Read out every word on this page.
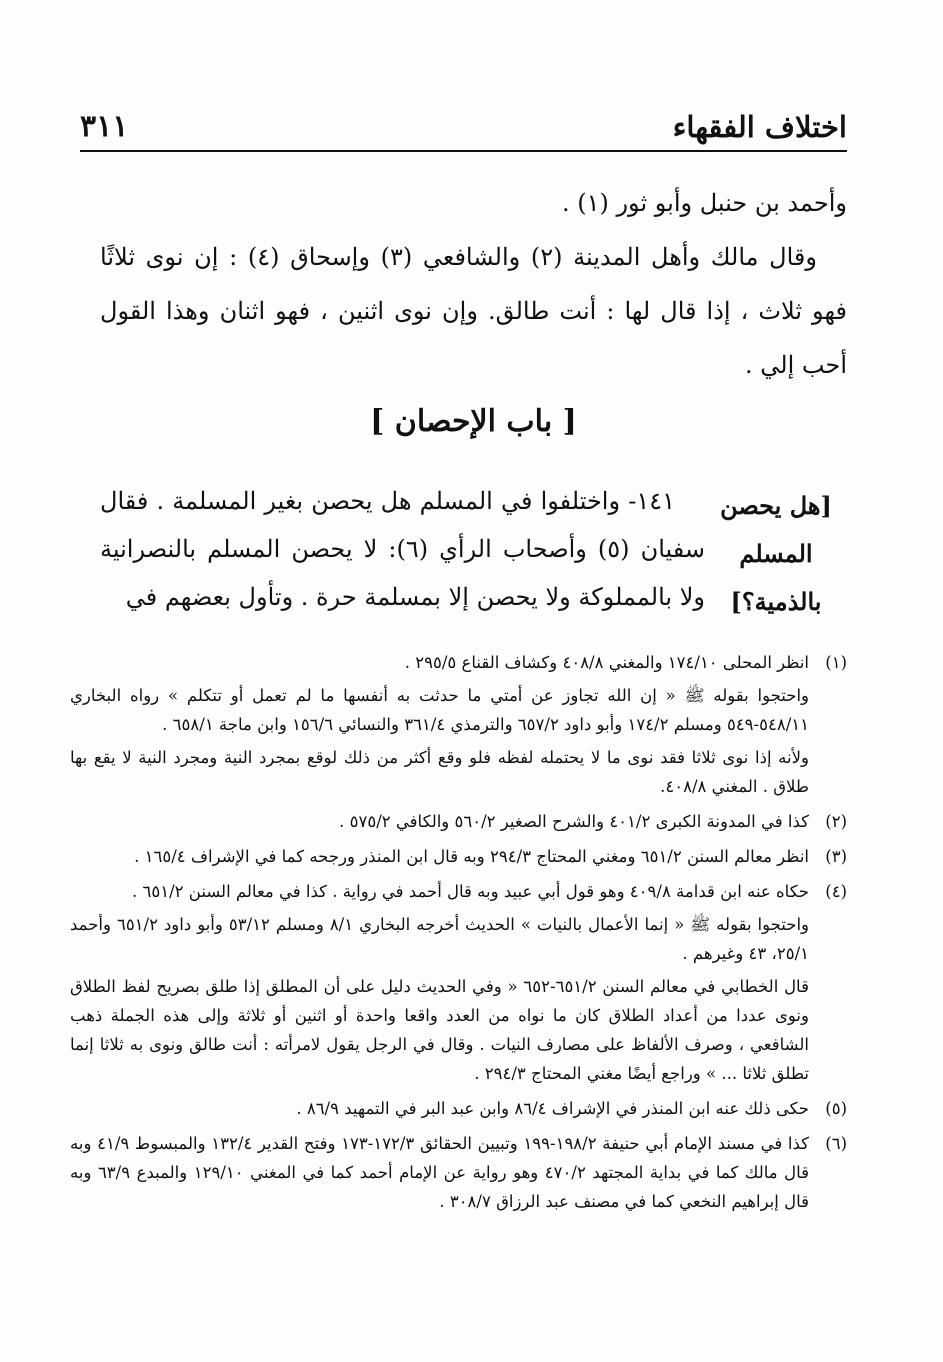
اختلاف الفقهاء
٣١١

وأحمد بن حنبل وأبو ثور (١) .

وقال مالك وأهل المدينة (٢) والشافعي (٣) وإسحاق (٤) : إن نوى ثلاثًا فهو ثلاث ، إذا قال لها : أنت طالق. وإن نوى اثنين ، فهو اثنان وهذا القول أحب إلي .

[ باب الإحصان ]

١٤١- واختلفوا في المسلم هل يحصن بغير المسلمة . فقال سفيان (٥) وأصحاب الرأي (٦): لا يحصن المسلم بالنصرانية ولا بالمملوكة ولا يحصن إلا بمسلمة حرة . وتأول بعضهم في

[هل يحصن المسلم بالذمية؟]
(١)

انظر المحلى ١٧٤/١٠ والمغني ٤٠٨/٨ وكشاف القناع ٢٩٥/٥ .

واحتجوا بقوله ﷺ « إن الله تجاوز عن أمتي ما حدثت به أنفسها ما لم تعمل أو تتكلم » رواه البخاري ٥٤٨/١١-٥٤٩ ومسلم ١٧٤/٢ وأبو داود ٦٥٧/٢ والترمذي ٣٦١/٤ والنسائي ١٥٦/٦ وابن ماجة ٦٥٨/١ .

ولأنه إذا نوى ثلاثا فقد نوى ما لا يحتمله لفظه فلو وقع أكثر من ذلك لوقع بمجرد النية ومجرد النية لا يقع بها طلاق . المغني ٤٠٨/٨.

(٢)

كذا في المدونة الكبرى ٤٠١/٢ والشرح الصغير ٥٦٠/٢ والكافي ٥٧٥/٢ .

(٣)

انظر معالم السنن ٦٥١/٢ ومغني المحتاج ٢٩٤/٣ وبه قال ابن المنذر ورجحه كما في الإشراف ١٦٥/٤ .

(٤)

حكاه عنه ابن قدامة ٤٠٩/٨ وهو قول أبي عبيد وبه قال أحمد في رواية . كذا في معالم السنن ٦٥١/٢ .

واحتجوا بقوله ﷺ « إنما الأعمال بالنيات » الحديث أخرجه البخاري ٨/١ ومسلم ٥٣/١٢ وأبو داود ٦٥١/٢ وأحمد ٢٥/١، ٤٣ وغيرهم .

قال الخطابي في معالم السنن ٦٥١/٢-٦٥٢ « وفي الحديث دليل على أن المطلق إذا طلق بصريح لفظ الطلاق ونوى عددا من أعداد الطلاق كان ما نواه من العدد واقعا واحدة أو اثنين أو ثلاثة وإلى هذه الجملة ذهب الشافعي ، وصرف الألفاظ على مصارف النيات . وقال في الرجل يقول لامرأته : أنت طالق ونوى به ثلاثا إنما تطلق ثلاثا ... » وراجع أيضًا مغني المحتاج ٢٩٤/٣ .

(٥)

حكى ذلك عنه ابن المنذر في الإشراف ٨٦/٤ وابن عبد البر في التمهيد ٨٦/٩ .

(٦)

كذا في مسند الإمام أبي حنيفة ١٩٨/٢-١٩٩ وتبيين الحقائق ١٧٢/٣-١٧٣ وفتح القدير ١٣٢/٤ والمبسوط ٤١/٩ وبه قال مالك كما في بداية المجتهد ٤٧٠/٢ وهو رواية عن الإمام أحمد كما في المغني ١٢٩/١٠ والمبدع ٦٣/٩ وبه قال إبراهيم النخعي كما في مصنف عبد الرزاق ٣٠٨/٧ .
